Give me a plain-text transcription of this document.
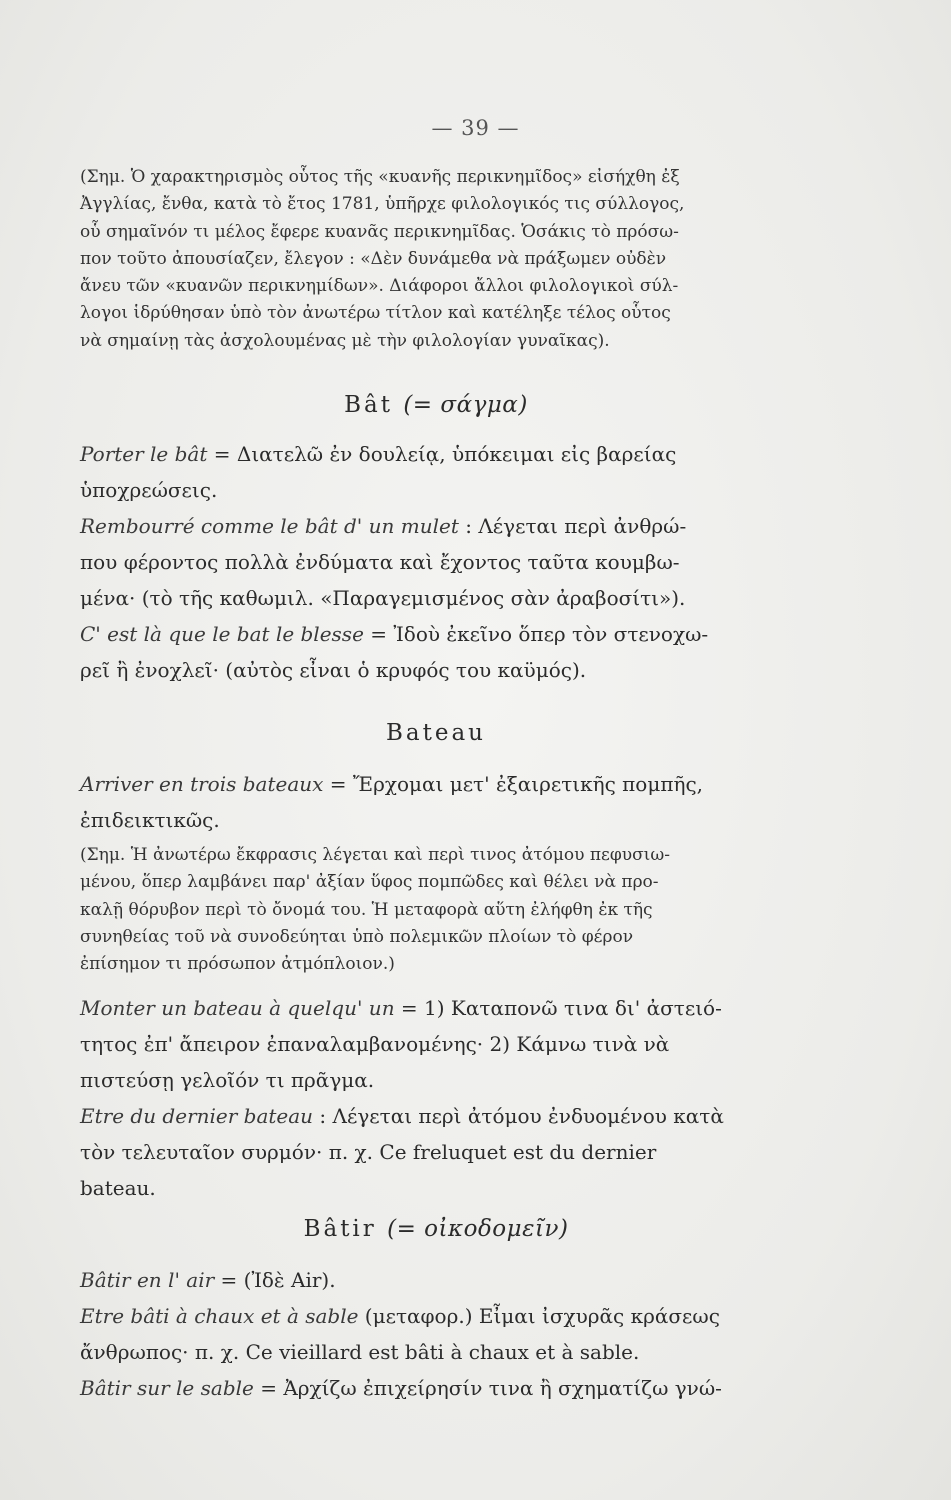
— 39 —
(Σημ. Ὁ χαρακτηρισμὸς οὗτος τῆς «κυανῆς περικνημῖδος» εἰσήχθη ἐξ
Ἀγγλίας, ἔνθα, κατὰ τὸ ἔτος 1781, ὑπῆρχε φιλολογικός τις σύλλογος,
οὗ σημαῖνόν τι μέλος ἔφερε κυανᾶς περικνημῖδας. Ὁσάκις τὸ πρόσω-
πον τοῦτο ἀπουσίαζεν, ἔλεγον : «Δὲν δυνάμεθα νὰ πράξωμεν οὐδὲν
ἄνευ τῶν «κυανῶν περικνημίδων». Διάφοροι ἄλλοι φιλολογικοὶ σύλ-
λογοι ἱδρύθησαν ὑπὸ τὸν ἀνωτέρω τίτλον καὶ κατέληξε τέλος οὗτος
νὰ σημαίνῃ τὰς ἀσχολουμένας μὲ τὴν φιλολογίαν γυναῖκας).
Bât (= σάγμα)
Porter le bât = Διατελῶ ἐν δουλείᾳ, ὑπόκειμαι εἰς βαρείας
ὑποχρεώσεις.
Rembourré comme le bât d' un mulet : Λέγεται περὶ ἀνθρώ-
που φέροντος πολλὰ ἐνδύματα καὶ ἔχοντος ταῦτα κουμβω-
μένα· (τὸ τῆς καθωμιλ. «Παραγεμισμένος σὰν ἀραβοσίτι»).
C' est là que le bat le blesse = Ἰδοὺ ἐκεῖνο ὅπερ τὸν στενοχω-
ρεῖ ἢ ἐνοχλεῖ· (αὐτὸς εἶναι ὁ κρυφός του καϋμός).
Bateau
Arriver en trois bateaux = Ἔρχομαι μετ' ἐξαιρετικῆς πομπῆς,
ἐπιδεικτικῶς.
(Σημ. Ἡ ἀνωτέρω ἔκφρασις λέγεται καὶ περὶ τινος ἀτόμου πεφυσιω-
μένου, ὅπερ λαμβάνει παρ' ἀξίαν ὕφος πομπῶδες καὶ θέλει νὰ προ-
καλῇ θόρυβον περὶ τὸ ὄνομά του. Ἡ μεταφορὰ αὕτη ἐλήφθη ἐκ τῆς
συνηθείας τοῦ νὰ συνοδεύηται ὑπὸ πολεμικῶν πλοίων τὸ φέρον
ἐπίσημον τι πρόσωπον ἀτμόπλοιον.)
Monter un bateau à quelqu' un = 1) Καταπονῶ τινα δι' ἀστειό-
τητος ἐπ' ἄπειρον ἐπαναλαμβανομένης· 2) Κάμνω τινὰ νὰ
πιστεύσῃ γελοῖόν τι πρᾶγμα.
Etre du dernier bateau : Λέγεται περὶ ἀτόμου ἐνδυομένου κατὰ
τὸν τελευταῖον συρμόν· π. χ. Ce freluquet est du dernier
bateau.
Bâtir (= οἰκοδομεῖν)
Bâtir en l' air = (Ἰδὲ Air).
Etre bâti à chaux et à sable (μεταφορ.) Εἶμαι ἰσχυρᾶς κράσεως
ἄνθρωπος· π. χ. Ce vieillard est bâti à chaux et à sable.
Bâtir sur le sable = Ἀρχίζω ἐπιχείρησίν τινα ἢ σχηματίζω γνώ-
